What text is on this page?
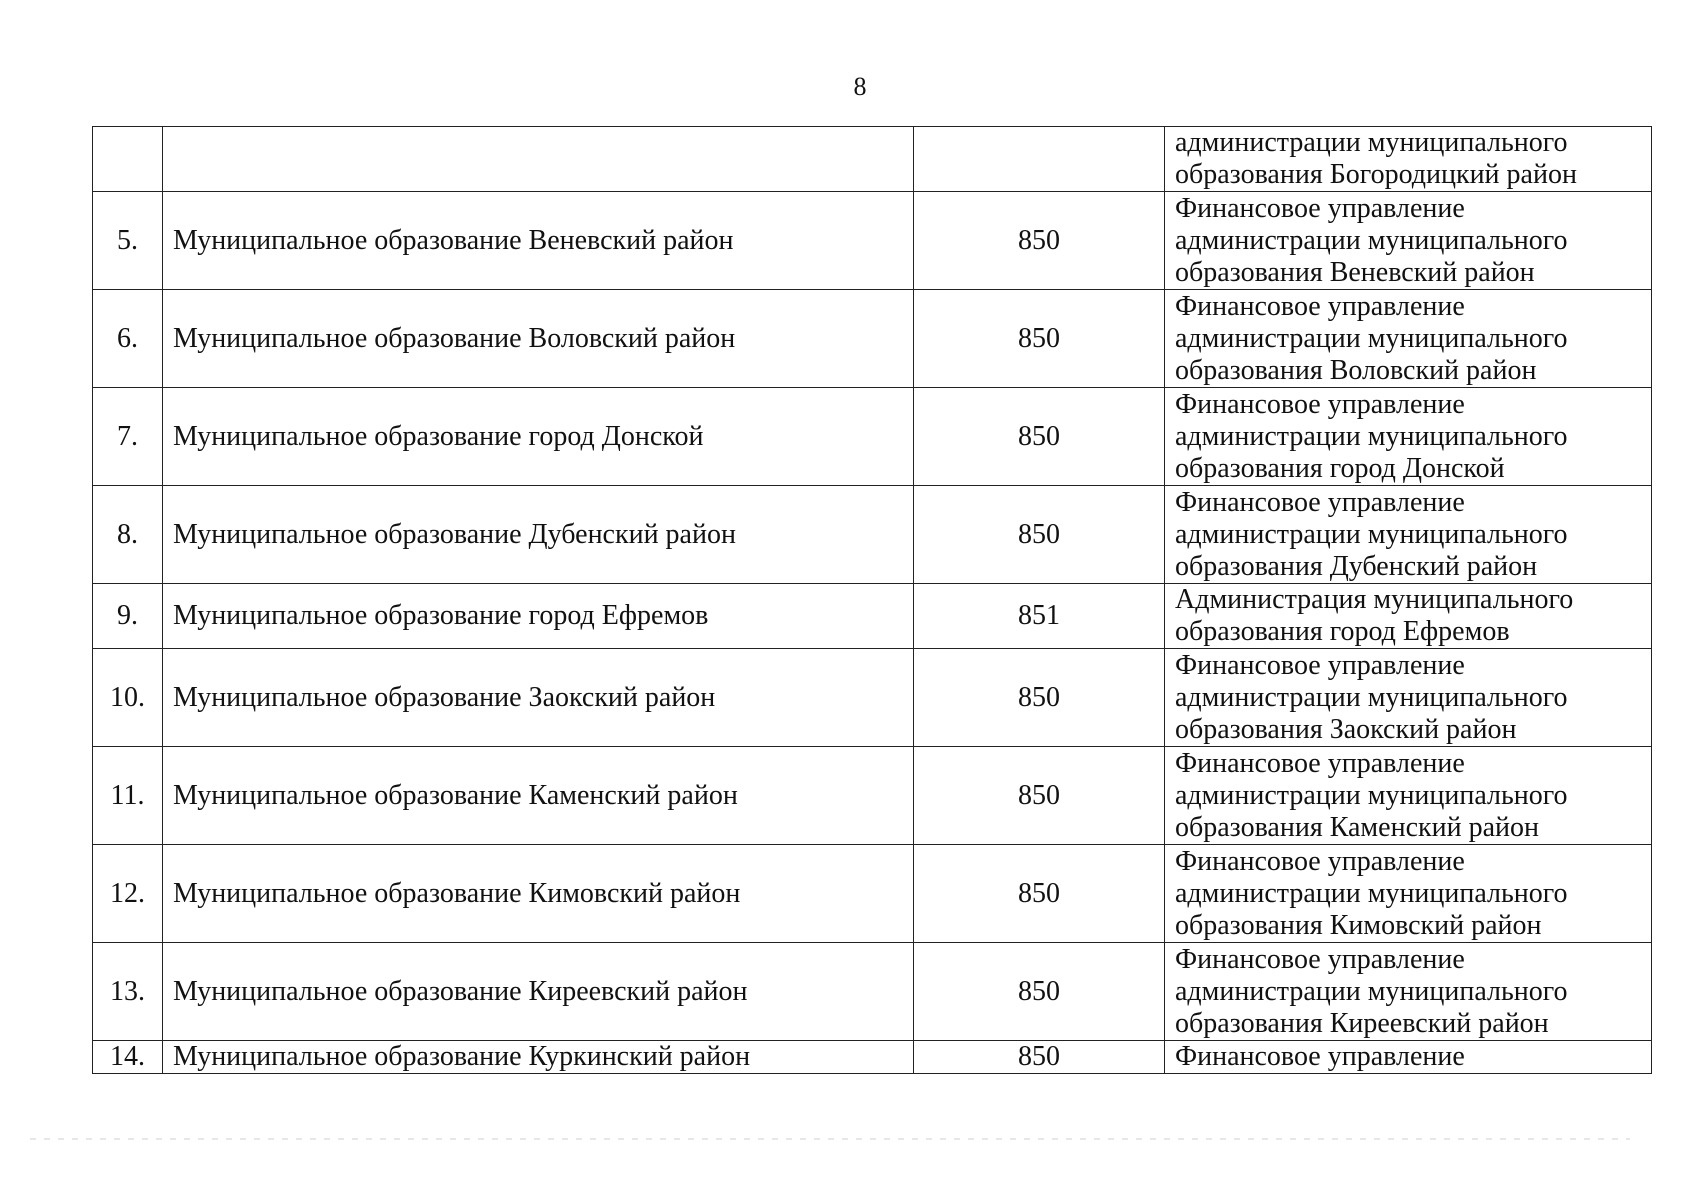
8

			администрации муниципального
образования Богородицкий район

5.	Муниципальное образование Веневский район	850	Финансовое управление
администрации муниципального
образования Веневский район

6.	Муниципальное образование Воловский район	850	Финансовое управление
администрации муниципального
образования Воловский район

7.	Муниципальное образование город Донской	850	Финансовое управление
администрации муниципального
образования город Донской

8.	Муниципальное образование Дубенский район	850	Финансовое управление
администрации муниципального
образования Дубенский район

9.	Муниципальное образование город Ефремов	851	Администрация муниципального
образования город Ефремов

10.	Муниципальное образование Заокский район	850	Финансовое управление
администрации муниципального
образования Заокский район

11.	Муниципальное образование Каменский район	850	Финансовое управление
администрации муниципального
образования Каменский район

12.	Муниципальное образование Кимовский район	850	Финансовое управление
администрации муниципального
образования Кимовский район

13.	Муниципальное образование Киреевский район	850	Финансовое управление
администрации муниципального
образования Киреевский район

14.	Муниципальное образование Куркинский район	850	Финансовое управление
